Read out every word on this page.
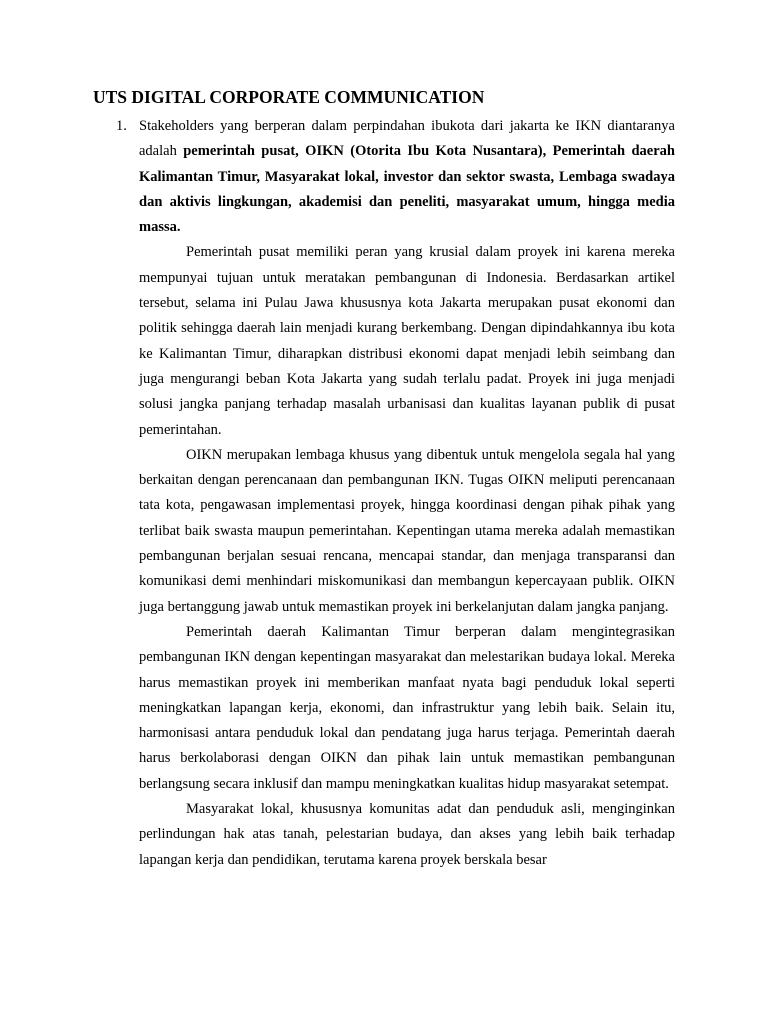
UTS DIGITAL CORPORATE COMMUNICATION
1. Stakeholders yang berperan dalam perpindahan ibukota dari jakarta ke IKN diantaranya adalah pemerintah pusat, OIKN (Otorita Ibu Kota Nusantara), Pemerintah daerah Kalimantan Timur, Masyarakat lokal, investor dan sektor swasta, Lembaga swadaya dan aktivis lingkungan, akademisi dan peneliti, masyarakat umum, hingga media massa.

Pemerintah pusat memiliki peran yang krusial dalam proyek ini karena mereka mempunyai tujuan untuk meratakan pembangunan di Indonesia. Berdasarkan artikel tersebut, selama ini Pulau Jawa khususnya kota Jakarta merupakan pusat ekonomi dan politik sehingga daerah lain menjadi kurang berkembang. Dengan dipindahkannya ibu kota ke Kalimantan Timur, diharapkan distribusi ekonomi dapat menjadi lebih seimbang dan juga mengurangi beban Kota Jakarta yang sudah terlalu padat. Proyek ini juga menjadi solusi jangka panjang terhadap masalah urbanisasi dan kualitas layanan publik di pusat pemerintahan.

OIKN merupakan lembaga khusus yang dibentuk untuk mengelola segala hal yang berkaitan dengan perencanaan dan pembangunan IKN. Tugas OIKN meliputi perencanaan tata kota, pengawasan implementasi proyek, hingga koordinasi dengan pihak pihak yang terlibat baik swasta maupun pemerintahan. Kepentingan utama mereka adalah memastikan pembangunan berjalan sesuai rencana, mencapai standar, dan menjaga transparansi dan komunikasi demi menhindari miskomunikasi dan membangun kepercayaan publik. OIKN juga bertanggung jawab untuk memastikan proyek ini berkelanjutan dalam jangka panjang.

Pemerintah daerah Kalimantan Timur berperan dalam mengintegrasikan pembangunan IKN dengan kepentingan masyarakat dan melestarikan budaya lokal. Mereka harus memastikan proyek ini memberikan manfaat nyata bagi penduduk lokal seperti meningkatkan lapangan kerja, ekonomi, dan infrastruktur yang lebih baik. Selain itu, harmonisasi antara penduduk lokal dan pendatang juga harus terjaga. Pemerintah daerah harus berkolaborasi dengan OIKN dan pihak lain untuk memastikan pembangunan berlangsung secara inklusif dan mampu meningkatkan kualitas hidup masyarakat setempat.

Masyarakat lokal, khususnya komunitas adat dan penduduk asli, menginginkan perlindungan hak atas tanah, pelestarian budaya, dan akses yang lebih baik terhadap lapangan kerja dan pendidikan, terutama karena proyek berskala besar
